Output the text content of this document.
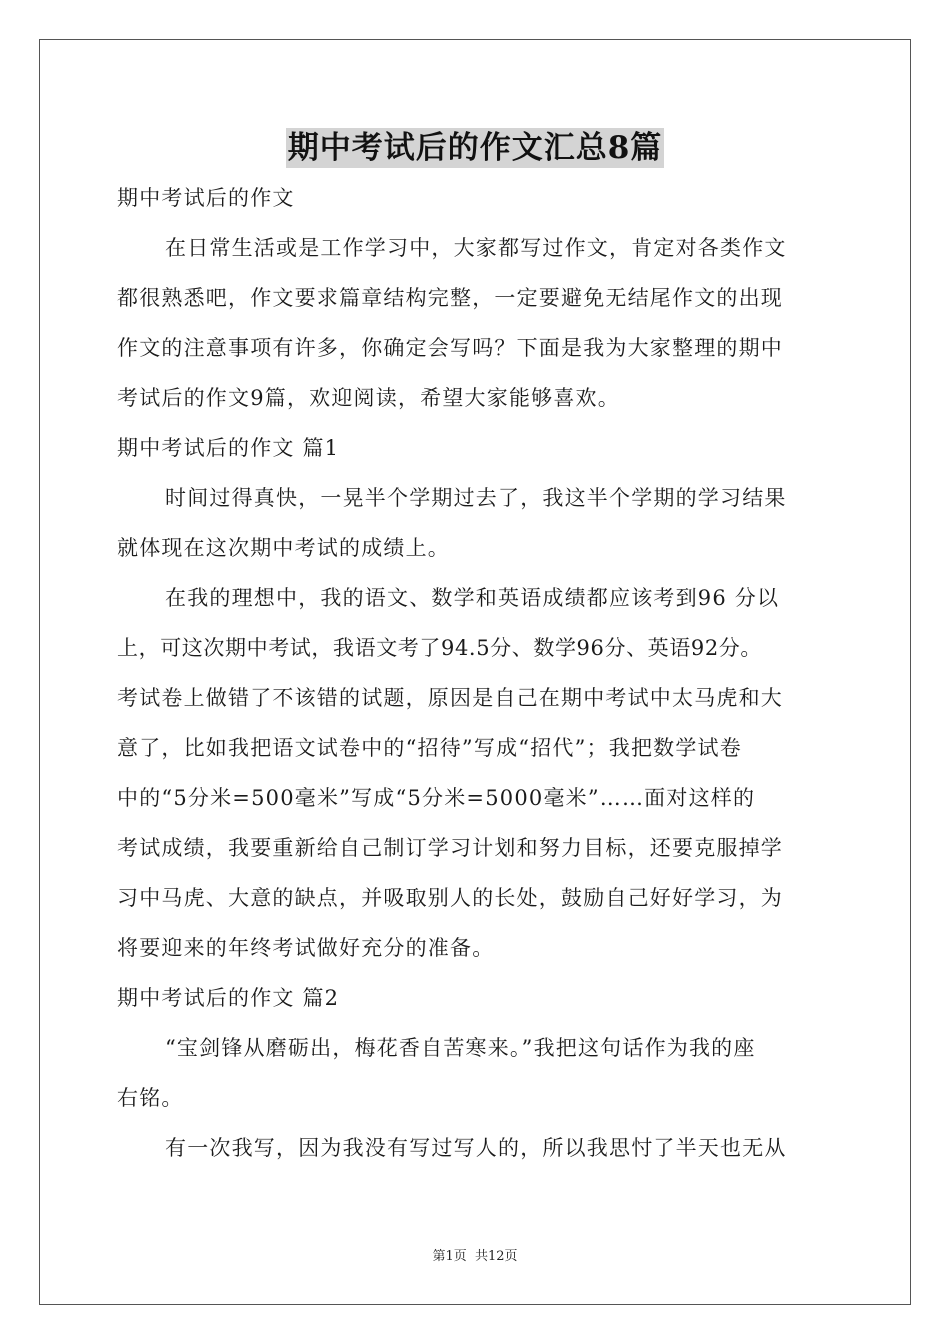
期中考试后的作文汇总8篇
期中考试后的作文
在日常生活或是工作学习中，大家都写过作文，肯定对各类作文
都很熟悉吧，作文要求篇章结构完整，一定要避免无结尾作文的出现
作文的注意事项有许多，你确定会写吗？下面是我为大家整理的期中
考试后的作文9篇，欢迎阅读，希望大家能够喜欢。
期中考试后的作文 篇1
时间过得真快，一晃半个学期过去了，我这半个学期的学习结果
就体现在这次期中考试的成绩上。
在我的理想中，我的语文、数学和英语成绩都应该考到96 分以
上，可这次期中考试，我语文考了94.5分、数学96分、英语92分。
考试卷上做错了不该错的试题，原因是自己在期中考试中太马虎和大
意了，比如我把语文试卷中的“招待”写成“招代”；我把数学试卷
中的“5分米=500毫米”写成“5分米=5000毫米”……面对这样的
考试成绩，我要重新给自己制订学习计划和努力目标，还要克服掉学
习中马虎、大意的缺点，并吸取别人的长处，鼓励自己好好学习，为
将要迎来的年终考试做好充分的准备。
期中考试后的作文 篇2
“宝剑锋从磨砺出，梅花香自苦寒来。”我把这句话作为我的座
右铭。
有一次我写，因为我没有写过写人的，所以我思忖了半天也无从
第1页 共12页
